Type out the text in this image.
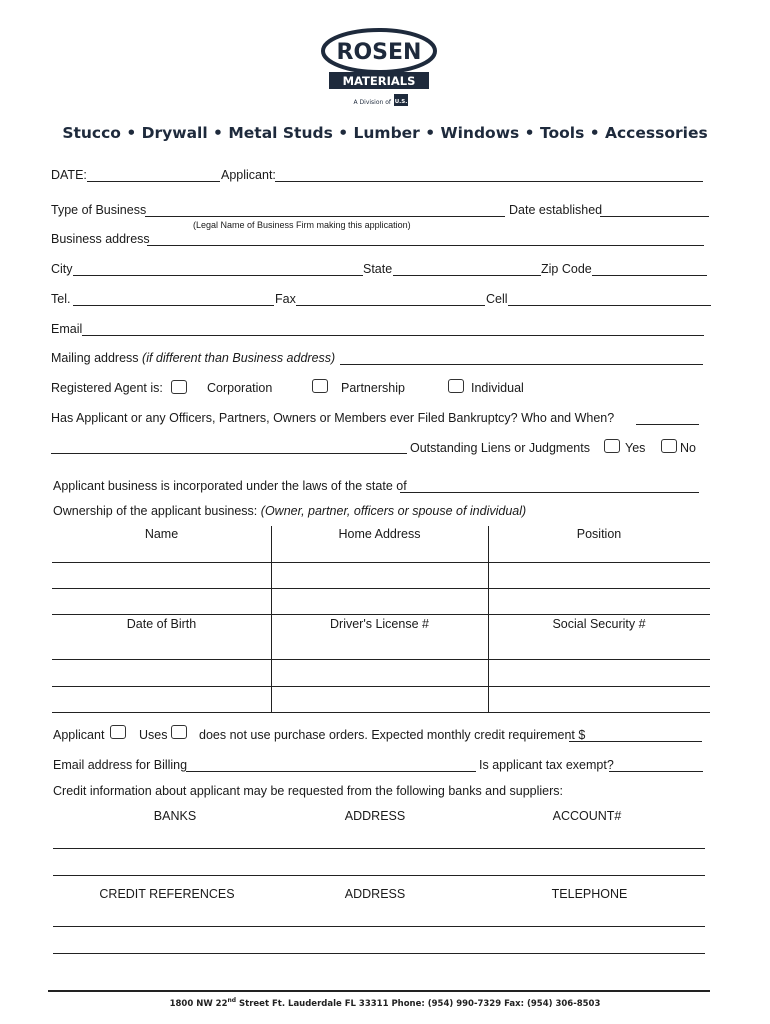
ROSEN
MATERIALS
A Division of U.S.
Stucco • Drywall • Metal Studs • Lumber • Windows • Tools • Accessories
DATE:	Applicant:
Type of Business	Date established
(Legal Name of Business Firm making this application)
Business address
City	State	Zip Code
Tel.	Fax	Cell
Email
Mailing address (if different than Business address)
Registered Agent is:	Corporation	Partnership	Individual
Has Applicant or any Officers, Partners, Owners or Members ever Filed Bankruptcy? Who and When?
Outstanding Liens or Judgments	Yes	No
Applicant business is incorporated under the laws of the state of
Ownership of the applicant business: (Owner, partner, officers or spouse of individual)
Name	Home Address	Position
Date of Birth	Driver's License #	Social Security #
Applicant	Uses	does not use purchase orders. Expected monthly credit requirement $
Email address for Billing	Is applicant tax exempt?
Credit information about applicant may be requested from the following banks and suppliers:
BANKS	ADDRESS	ACCOUNT#
CREDIT REFERENCES	ADDRESS	TELEPHONE
1800 NW 22nd Street Ft. Lauderdale FL 33311 Phone: (954) 990-7329 Fax: (954) 306-8503
